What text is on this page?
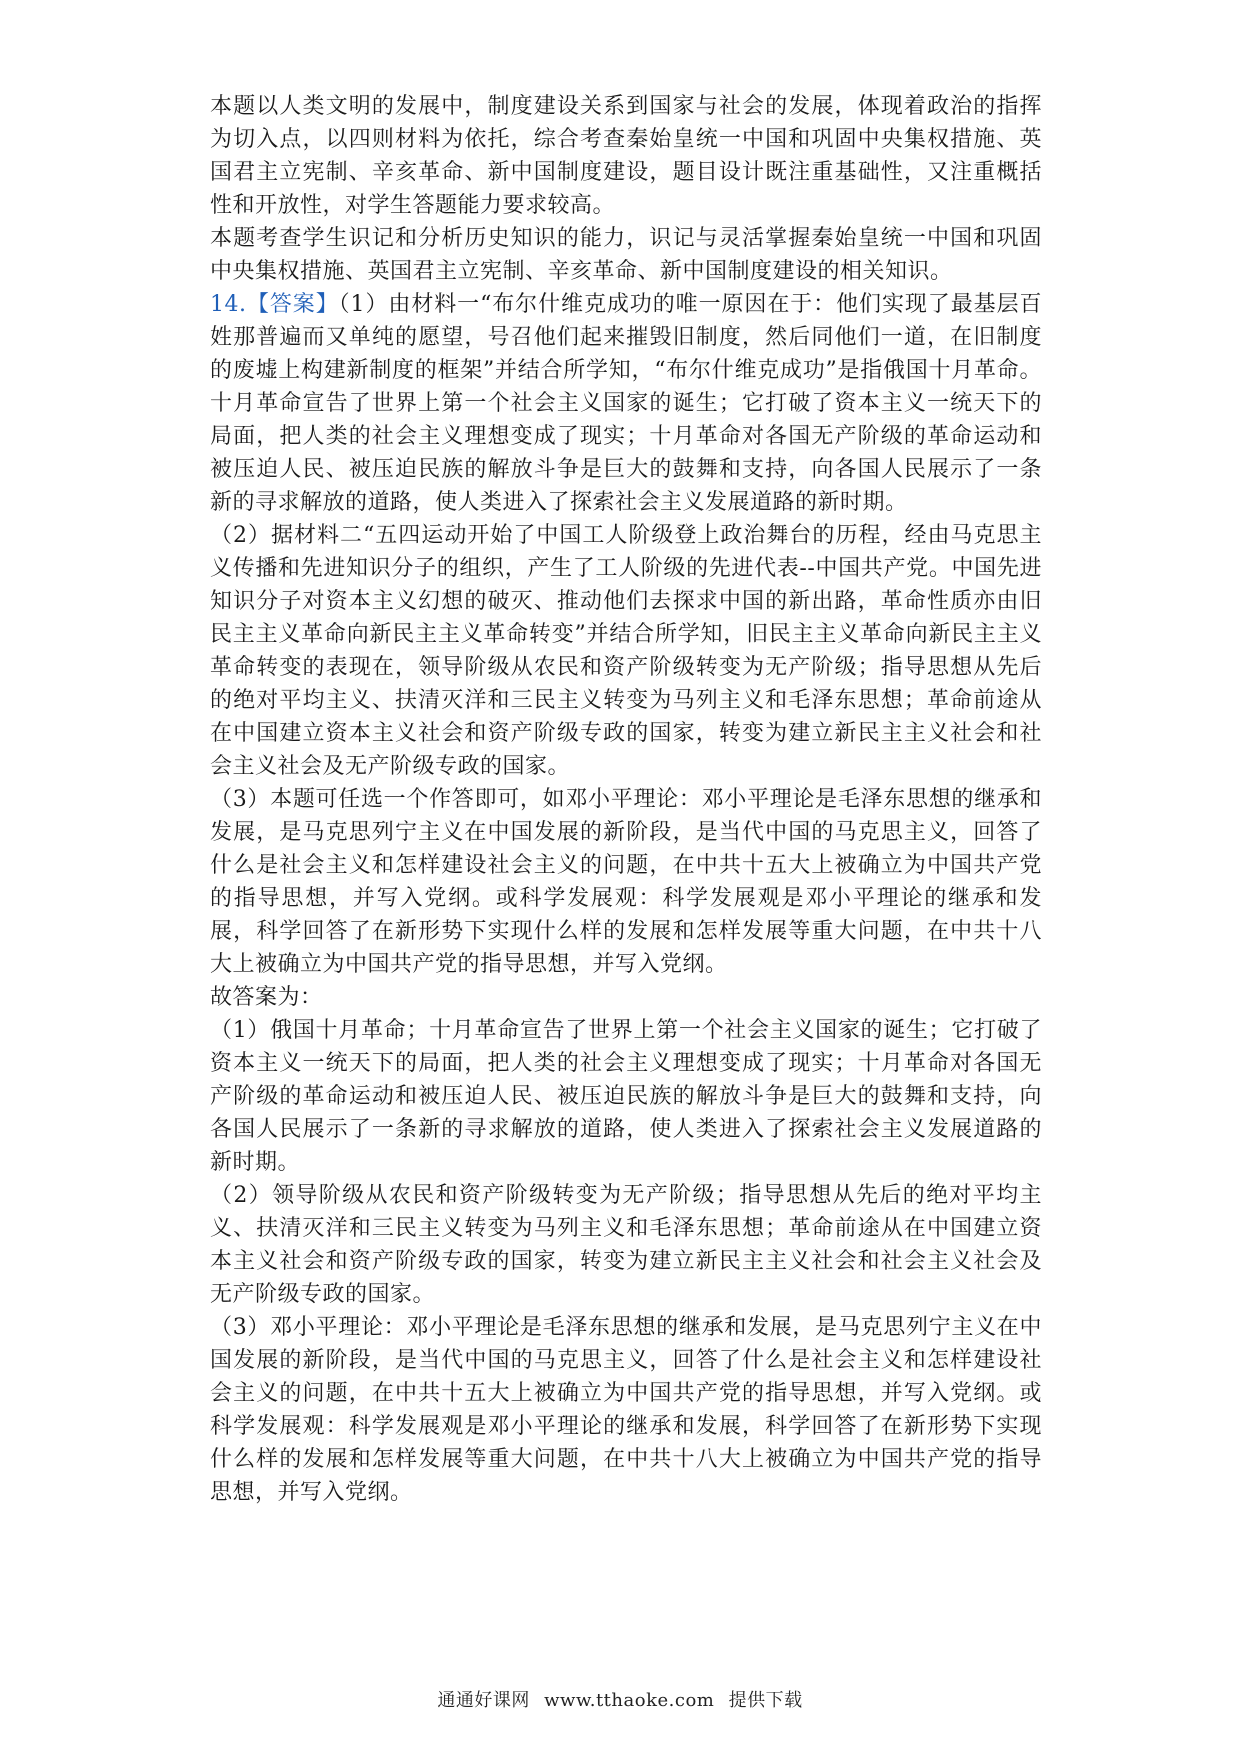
本题以人类文明的发展中，制度建设关系到国家与社会的发展，体现着政治的指挥为切入点，以四则材料为依托，综合考查秦始皇统一中国和巩固中央集权措施、英国君主立宪制、辛亥革命、新中国制度建设，题目设计既注重基础性，又注重概括性和开放性，对学生答题能力要求较高。

本题考查学生识记和分析历史知识的能力，识记与灵活掌握秦始皇统一中国和巩固中央集权措施、英国君主立宪制、辛亥革命、新中国制度建设的相关知识。

14.【答案】（1）由材料一“布尔什维克成功的唯一原因在于：他们实现了最基层百姓那普遍而又单纯的愿望，号召他们起来摧毁旧制度，然后同他们一道，在旧制度的废墟上构建新制度的框架”并结合所学知，“布尔什维克成功”是指俄国十月革命。十月革命宣告了世界上第一个社会主义国家的诞生；它打破了资本主义一统天下的局面，把人类的社会主义理想变成了现实；十月革命对各国无产阶级的革命运动和被压迫人民、被压迫民族的解放斗争是巨大的鼓舞和支持，向各国人民展示了一条新的寻求解放的道路，使人类进入了探索社会主义发展道路的新时期。

（2）据材料二“五四运动开始了中国工人阶级登上政治舞台的历程，经由马克思主义传播和先进知识分子的组织，产生了工人阶级的先进代表--中国共产党。中国先进知识分子对资本主义幻想的破灭、推动他们去探求中国的新出路，革命性质亦由旧民主主义革命向新民主主义革命转变”并结合所学知，旧民主主义革命向新民主主义革命转变的表现在，领导阶级从农民和资产阶级转变为无产阶级；指导思想从先后的绝对平均主义、扶清灭洋和三民主义转变为马列主义和毛泽东思想；革命前途从在中国建立资本主义社会和资产阶级专政的国家，转变为建立新民主主义社会和社会主义社会及无产阶级专政的国家。

（3）本题可任选一个作答即可，如邓小平理论：邓小平理论是毛泽东思想的继承和发展，是马克思列宁主义在中国发展的新阶段，是当代中国的马克思主义，回答了什么是社会主义和怎样建设社会主义的问题，在中共十五大上被确立为中国共产党的指导思想，并写入党纲。或科学发展观：科学发展观是邓小平理论的继承和发展，科学回答了在新形势下实现什么样的发展和怎样发展等重大问题，在中共十八大上被确立为中国共产党的指导思想，并写入党纲。

故答案为：

（1）俄国十月革命；十月革命宣告了世界上第一个社会主义国家的诞生；它打破了资本主义一统天下的局面，把人类的社会主义理想变成了现实；十月革命对各国无产阶级的革命运动和被压迫人民、被压迫民族的解放斗争是巨大的鼓舞和支持，向各国人民展示了一条新的寻求解放的道路，使人类进入了探索社会主义发展道路的新时期。

（2）领导阶级从农民和资产阶级转变为无产阶级；指导思想从先后的绝对平均主义、扶清灭洋和三民主义转变为马列主义和毛泽东思想；革命前途从在中国建立资本主义社会和资产阶级专政的国家，转变为建立新民主主义社会和社会主义社会及无产阶级专政的国家。

（3）邓小平理论：邓小平理论是毛泽东思想的继承和发展，是马克思列宁主义在中国发展的新阶段，是当代中国的马克思主义，回答了什么是社会主义和怎样建设社会主义的问题，在中共十五大上被确立为中国共产党的指导思想，并写入党纲。或科学发展观：科学发展观是邓小平理论的继承和发展，科学回答了在新形势下实现什么样的发展和怎样发展等重大问题，在中共十八大上被确立为中国共产党的指导思想，并写入党纲。

通通好课网 www.tthaoke.com 提供下载
